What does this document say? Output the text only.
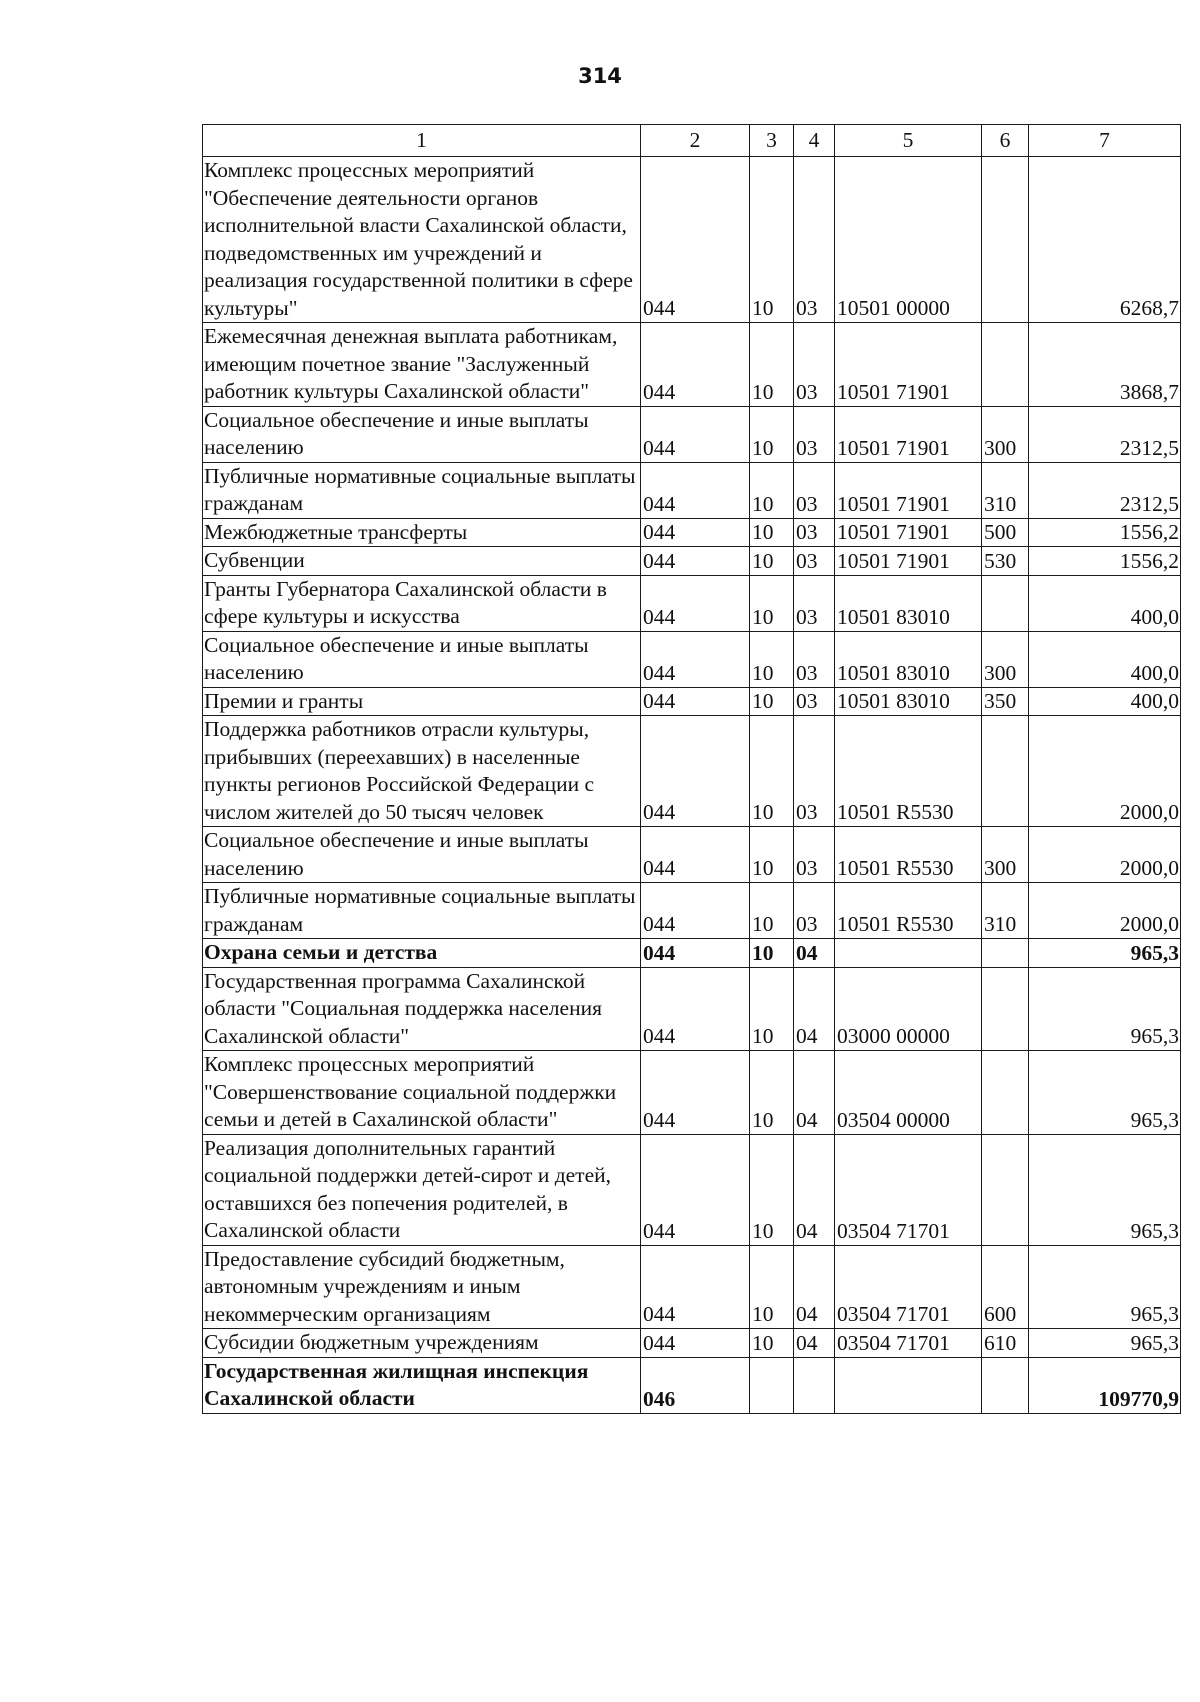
314
1	2	3	4	5	6	7
Комплекс процессных мероприятий "Обеспечение деятельности органов исполнительной власти Сахалинской области, подведомственных им учреждений и реализация государственной политики в сфере культуры"	044	10	03	10501 00000		6268,7
Ежемесячная денежная выплата работникам, имеющим почетное звание "Заслуженный работник культуры Сахалинской области"	044	10	03	10501 71901		3868,7
Социальное обеспечение и иные выплаты населению	044	10	03	10501 71901	300	2312,5
Публичные нормативные социальные выплаты гражданам	044	10	03	10501 71901	310	2312,5
Межбюджетные трансферты	044	10	03	10501 71901	500	1556,2
Субвенции	044	10	03	10501 71901	530	1556,2
Гранты Губернатора Сахалинской области в сфере культуры и искусства	044	10	03	10501 83010		400,0
Социальное обеспечение и иные выплаты населению	044	10	03	10501 83010	300	400,0
Премии и гранты	044	10	03	10501 83010	350	400,0
Поддержка работников отрасли культуры, прибывших (переехавших) в населенные пункты регионов Российской Федерации с числом жителей до 50 тысяч человек	044	10	03	10501 R5530		2000,0
Социальное обеспечение и иные выплаты населению	044	10	03	10501 R5530	300	2000,0
Публичные нормативные социальные выплаты гражданам	044	10	03	10501 R5530	310	2000,0
Охрана семьи и детства	044	10	04			965,3
Государственная программа Сахалинской области "Социальная поддержка населения Сахалинской области"	044	10	04	03000 00000		965,3
Комплекс процессных мероприятий "Совершенствование социальной поддержки семьи и детей в Сахалинской области"	044	10	04	03504 00000		965,3
Реализация дополнительных гарантий социальной поддержки детей-сирот и детей, оставшихся без попечения родителей, в Сахалинской области	044	10	04	03504 71701		965,3
Предоставление субсидий бюджетным, автономным учреждениям и иным некоммерческим организациям	044	10	04	03504 71701	600	965,3
Субсидии бюджетным учреждениям	044	10	04	03504 71701	610	965,3
Государственная жилищная инспекция Сахалинской области	046					109770,9
